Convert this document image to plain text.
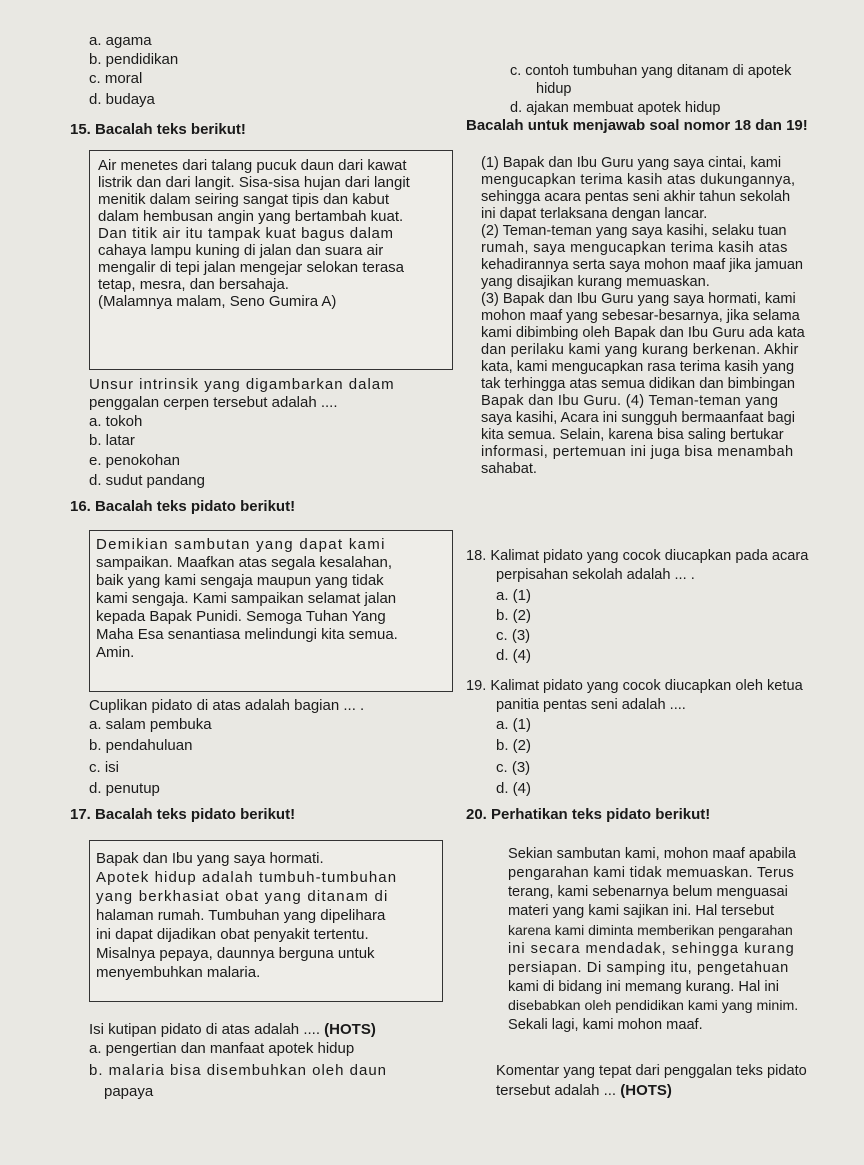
a. agama
b. pendidikan
c. moral
d. budaya
c. contoh tumbuhan yang ditanam di apotek
hidup
d. ajakan membuat apotek hidup
15. Bacalah teks berikut!
Air menetes dari talang pucuk daun dari kawat
listrik dan dari langit. Sisa-sisa hujan dari langit
menitik dalam seiring sangat tipis dan kabut
dalam hembusan angin yang bertambah kuat.
Dan titik air itu tampak kuat bagus dalam
cahaya lampu kuning di jalan dan suara air
mengalir di tepi jalan mengejar selokan terasa
tetap, mesra, dan bersahaja.
(Malamnya malam, Seno Gumira A)
Unsur intrinsik yang digambarkan dalam
penggalan cerpen tersebut adalah ....
a. tokoh
b. latar
e. penokohan
d. sudut pandang
16. Bacalah teks pidato berikut!
Demikian sambutan yang dapat kami
sampaikan. Maafkan atas segala kesalahan,
baik yang kami sengaja maupun yang tidak
kami sengaja. Kami sampaikan selamat jalan
kepada Bapak Punidi. Semoga Tuhan Yang
Maha Esa senantiasa melindungi kita semua.
Amin.
Cuplikan pidato di atas adalah bagian ... .
a. salam pembuka
b. pendahuluan
c. isi
d. penutup
17. Bacalah teks pidato berikut!
Bapak dan Ibu yang saya hormati.
Apotek hidup adalah tumbuh-tumbuhan
yang berkhasiat obat yang ditanam di
halaman rumah. Tumbuhan yang dipelihara
ini dapat dijadikan obat penyakit tertentu.
Misalnya pepaya, daunnya berguna untuk
menyembuhkan malaria.
Isi kutipan pidato di atas adalah .... (HOTS)
a. pengertian dan manfaat apotek hidup
b. malaria bisa disembuhkan oleh daun
papaya
Bacalah untuk menjawab soal nomor 18 dan 19!
(1) Bapak dan Ibu Guru yang saya cintai, kami
mengucapkan terima kasih atas dukungannya,
sehingga acara pentas seni akhir tahun sekolah
ini dapat terlaksana dengan lancar.
(2) Teman-teman yang saya kasihi, selaku tuan
rumah, saya mengucapkan terima kasih atas
kehadirannya serta saya mohon maaf jika jamuan
yang disajikan kurang memuaskan.
(3) Bapak dan Ibu Guru yang saya hormati, kami
mohon maaf yang sebesar-besarnya, jika selama
kami dibimbing oleh Bapak dan Ibu Guru ada kata
dan perilaku kami yang kurang berkenan. Akhir
kata, kami mengucapkan rasa terima kasih yang
tak terhingga atas semua didikan dan bimbingan
Bapak dan Ibu Guru. (4) Teman-teman yang
saya kasihi, Acara ini sungguh bermaanfaat bagi
kita semua. Selain, karena bisa saling bertukar
informasi, pertemuan ini juga bisa menambah
sahabat.
18. Kalimat pidato yang cocok diucapkan pada acara
perpisahan sekolah adalah ... .
a. (1)
b. (2)
c. (3)
d. (4)
19. Kalimat pidato yang cocok diucapkan oleh ketua
panitia pentas seni adalah ....
a. (1)
b. (2)
c. (3)
d. (4)
20. Perhatikan teks pidato berikut!
Sekian sambutan kami, mohon maaf apabila
pengarahan kami tidak memuaskan. Terus
terang, kami sebenarnya belum menguasai
materi yang kami sajikan ini. Hal tersebut
karena kami diminta memberikan pengarahan
ini secara mendadak, sehingga kurang
persiapan. Di samping itu, pengetahuan
kami di bidang ini memang kurang. Hal ini
disebabkan oleh pendidikan kami yang minim.
Sekali lagi, kami mohon maaf.
Komentar yang tepat dari penggalan teks pidato
tersebut adalah ... (HOTS)
